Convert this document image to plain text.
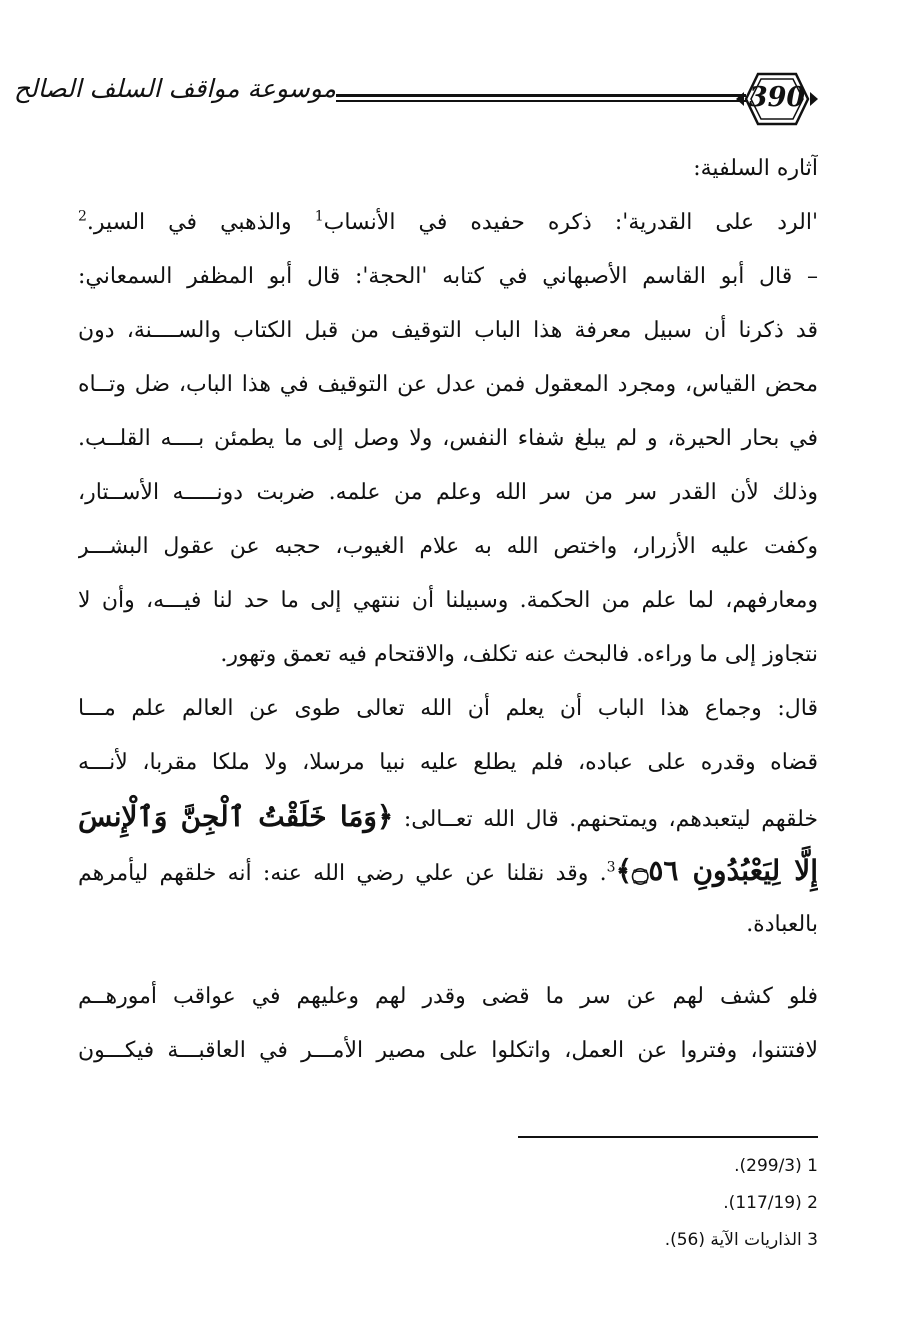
موسوعة مواقف السلف الصالح	390
آثاره السلفية:
'الرد على القدرية': ذكره حفيده في الأنساب$^1$ والذهبي في السير.$^2$
– قال أبو القاسم الأصبهاني في كتابه 'الحجة': قال أبو المظفر السمعاني:
قد ذكرنا أن سبيل معرفة هذا الباب التوقيف من قبل الكتاب والســــنة، دون
محض القياس، ومجرد المعقول فمن عدل عن التوقيف في هذا الباب، ضل وتــاه
في بحار الحيرة، و لم يبلغ شفاء النفس، ولا وصل إلى ما يطمئن بــــه القلــب.
وذلك لأن القدر سر من سر الله وعلم من علمه. ضربت دونـــــه الأســتار،
وكفت عليه الأزرار، واختص الله به علام الغيوب، حجبه عن عقول البشـــر
ومعارفهم، لما علم من الحكمة. وسبيلنا أن ننتهي إلى ما حد لنا فيـــه، وأن لا
نتجاوز إلى ما وراءه. فالبحث عنه تكلف، والاقتحام فيه تعمق وتهور.
قال: وجماع هذا الباب أن يعلم أن الله تعالى طوى عن العالم علم مـــا
قضاه وقدره على عباده، فلم يطلع عليه نبيا مرسلا، ولا ملكا مقربا، لأنـــه
خلقهم ليتعبدهم، ويمتحنهم. قال الله تعــالى: ﴿وَمَا خَلَقْتُ ٱلْجِنَّ وَٱلْإِنسَ
إِلَّا لِيَعْبُدُونِ ۝٥٦﴾$^3$. وقد نقلنا عن علي رضي الله عنه: أنه خلقهم ليأمرهم
بالعبادة.
فلو كشف لهم عن سر ما قضى وقدر لهم وعليهم في عواقب أمورهــم
لافتتنوا، وفتروا عن العمل، واتكلوا على مصير الأمـــر في العاقبـــة فيكـــون
1 (299/3).
2 (117/19).
3 الذاريات الآية (56).
